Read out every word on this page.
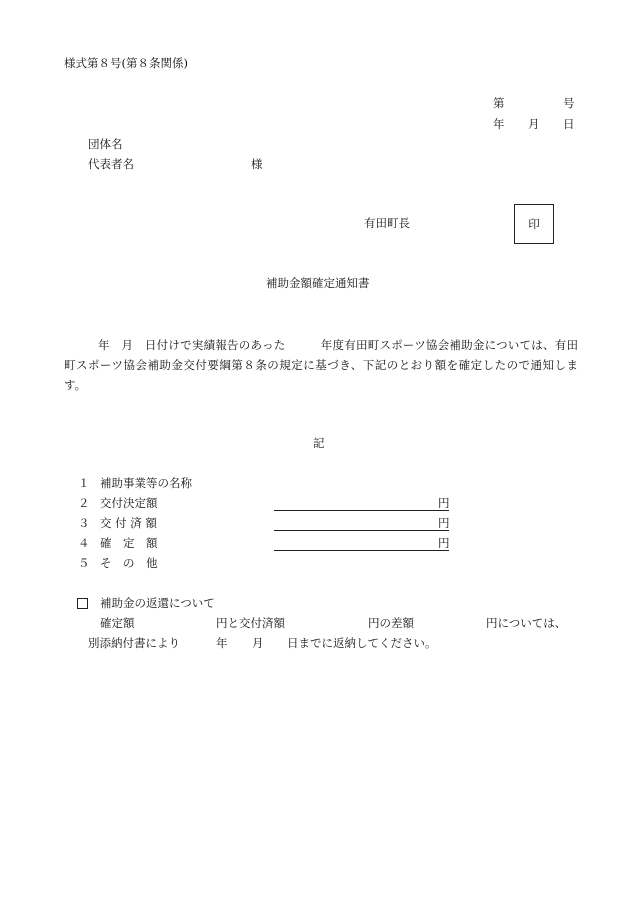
様式第８号(第８条関係)
第	号
年 月 日
団体名
代表者名	様
有田町長	印
補助金額確定通知書
年　月　日付けで実績報告のあった　　　年度有田町スポーツ協会補助金については、有田町スポーツ協会補助金交付要綱第８条の規定に基づき、下記のとおり額を確定したので通知します。
記
１ 補助事業等の名称
２ 交付決定額	円
３ 交 付 済 額	円
４ 確　定　額	円
５ そ　の　他
補助金の返還について
確定額	円と交付済額	円の差額	円については、
別添納付書により	年 月 日までに返納してください。
